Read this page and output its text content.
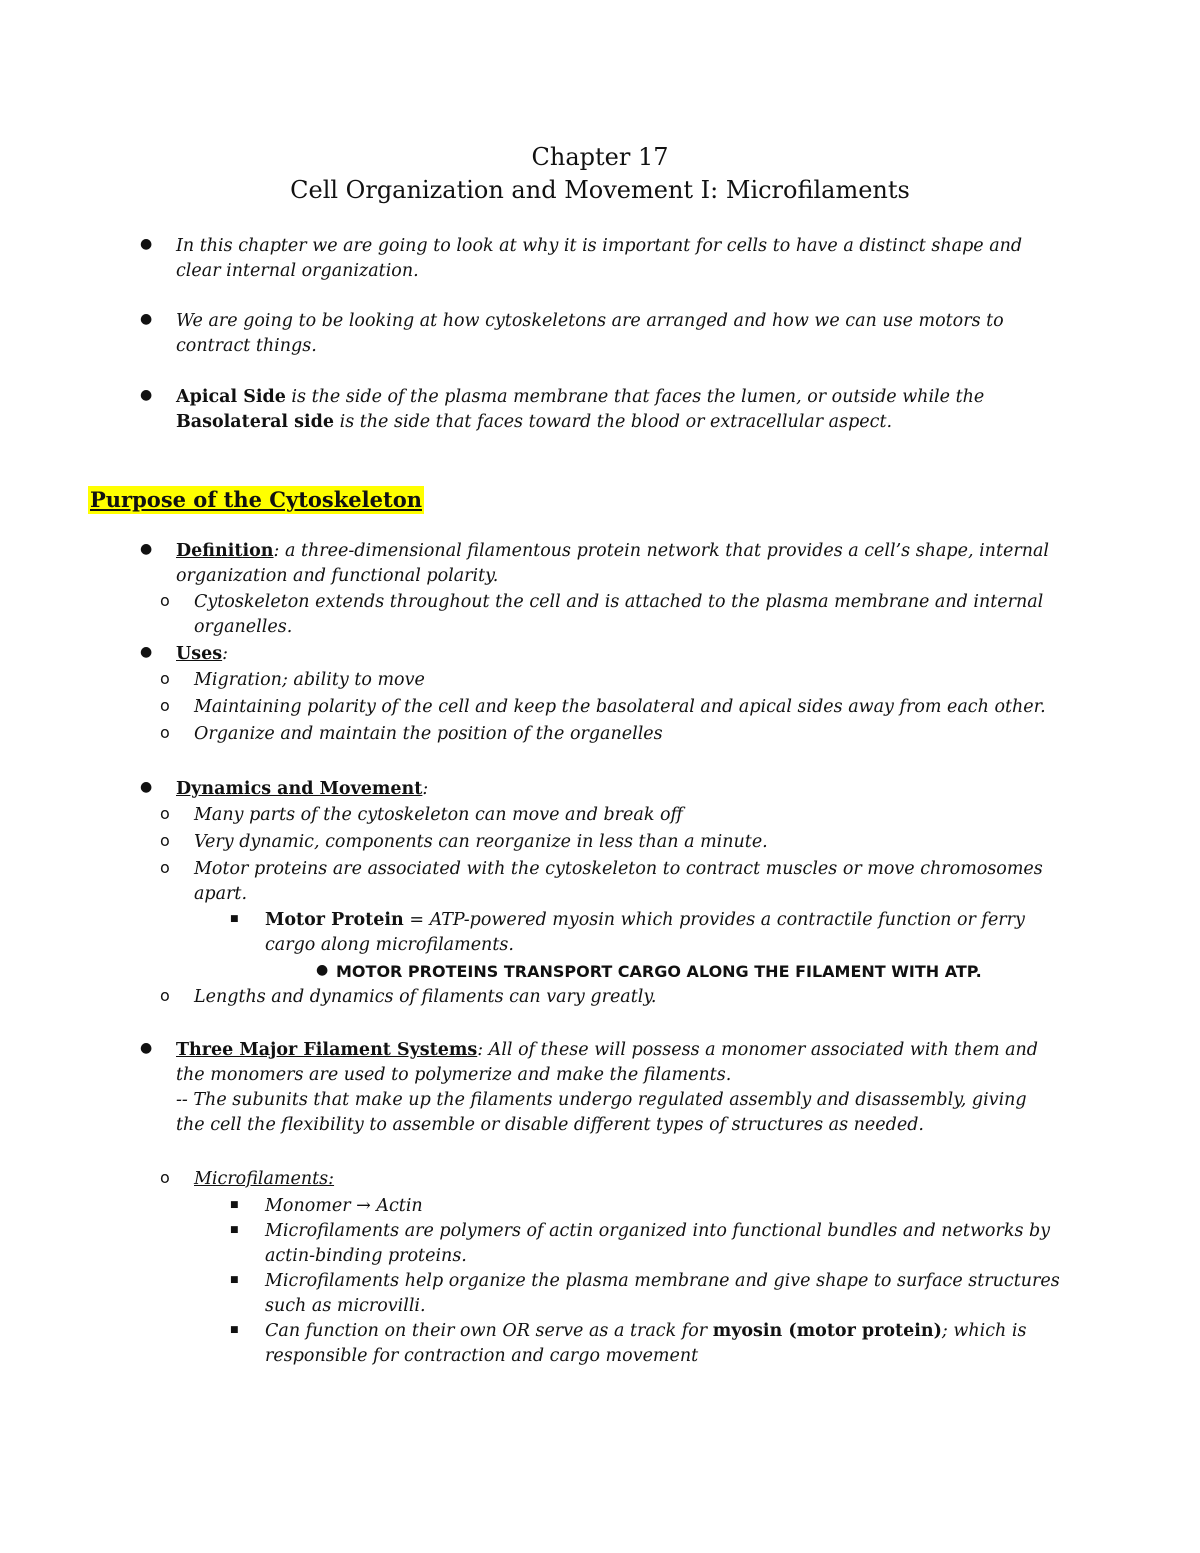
Chapter 17
Cell Organization and Movement I: Microfilaments
● In this chapter we are going to look at why it is important for cells to have a distinct shape and
clear internal organization.
● We are going to be looking at how cytoskeletons are arranged and how we can use motors to
contract things.
● Apical Side is the side of the plasma membrane that faces the lumen, or outside while the
Basolateral side is the side that faces toward the blood or extracellular aspect.
Purpose of the Cytoskeleton
● Definition: a three-dimensional filamentous protein network that provides a cell’s shape, internal
organization and functional polarity.
o Cytoskeleton extends throughout the cell and is attached to the plasma membrane and internal
organelles.
● Uses:
o Migration; ability to move
o Maintaining polarity of the cell and keep the basolateral and apical sides away from each other.
o Organize and maintain the position of the organelles
● Dynamics and Movement:
o Many parts of the cytoskeleton can move and break off
o Very dynamic, components can reorganize in less than a minute.
o Motor proteins are associated with the cytoskeleton to contract muscles or move chromosomes
apart.
■ Motor Protein = ATP-powered myosin which provides a contractile function or ferry
cargo along microfilaments.
● MOTOR PROTEINS TRANSPORT CARGO ALONG THE FILAMENT WITH ATP.
o Lengths and dynamics of filaments can vary greatly.
● Three Major Filament Systems: All of these will possess a monomer associated with them and
the monomers are used to polymerize and make the filaments.
-- The subunits that make up the filaments undergo regulated assembly and disassembly, giving
the cell the flexibility to assemble or disable different types of structures as needed.
o Microfilaments:
■ Monomer → Actin
■ Microfilaments are polymers of actin organized into functional bundles and networks by
actin-binding proteins.
■ Microfilaments help organize the plasma membrane and give shape to surface structures
such as microvilli.
■ Can function on their own OR serve as a track for myosin (motor protein); which is
responsible for contraction and cargo movement
